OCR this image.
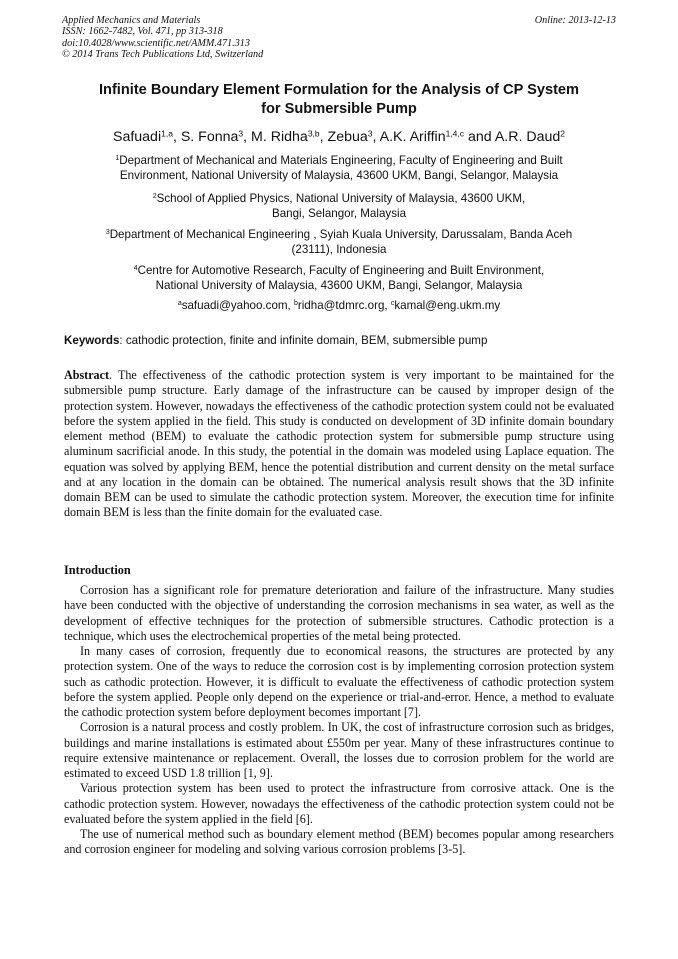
Applied Mechanics and Materials
ISSN: 1662-7482, Vol. 471, pp 313-318
doi:10.4028/www.scientific.net/AMM.471.313
© 2014 Trans Tech Publications Ltd, Switzerland
Online: 2013-12-13
Infinite Boundary Element Formulation for the Analysis of CP System
for Submersible Pump
Safuadi$^{1,a}$, S. Fonna$^3$, M. Ridha$^{3,b}$, Zebua$^3$, A.K. Ariffin$^{1,4,c}$ and A.R. Daud$^2$
$^1$Department of Mechanical and Materials Engineering, Faculty of Engineering and Built
Environment, National University of Malaysia, 43600 UKM, Bangi, Selangor, Malaysia
$^2$School of Applied Physics, National University of Malaysia, 43600 UKM,
Bangi, Selangor, Malaysia
$^3$Department of Mechanical Engineering , Syiah Kuala University, Darussalam, Banda Aceh
(23111), Indonesia
$^4$Centre for Automotive Research, Faculty of Engineering and Built Environment,
National University of Malaysia, 43600 UKM, Bangi, Selangor, Malaysia
$^a$safuadi@yahoo.com, $^b$ridha@tdmrc.org, $^c$kamal@eng.ukm.my
Keywords: cathodic protection, finite and infinite domain, BEM, submersible pump

Abstract. The effectiveness of the cathodic protection system is very important to be maintained for the submersible pump structure. Early damage of the infrastructure can be caused by improper design of the protection system. However, nowadays the effectiveness of the cathodic protection system could not be evaluated before the system applied in the field. This study is conducted on development of 3D infinite domain boundary element method (BEM) to evaluate the cathodic protection system for submersible pump structure using aluminum sacrificial anode. In this study, the potential in the domain was modeled using Laplace equation. The equation was solved by applying BEM, hence the potential distribution and current density on the metal surface and at any location in the domain can be obtained. The numerical analysis result shows that the 3D infinite domain BEM can be used to simulate the cathodic protection system. Moreover, the execution time for infinite domain BEM is less than the finite domain for the evaluated case.

Introduction

Corrosion has a significant role for premature deterioration and failure of the infrastructure. Many studies have been conducted with the objective of understanding the corrosion mechanisms in sea water, as well as the development of effective techniques for the protection of submersible structures. Cathodic protection is a technique, which uses the electrochemical properties of the metal being protected.

In many cases of corrosion, frequently due to economical reasons, the structures are protected by any protection system. One of the ways to reduce the corrosion cost is by implementing corrosion protection system such as cathodic protection. However, it is difficult to evaluate the effectiveness of cathodic protection system before the system applied. People only depend on the experience or trial-and-error. Hence, a method to evaluate the cathodic protection system before deployment becomes important [7].

Corrosion is a natural process and costly problem. In UK, the cost of infrastructure corrosion such as bridges, buildings and marine installations is estimated about £550m per year. Many of these infrastructures continue to require extensive maintenance or replacement. Overall, the losses due to corrosion problem for the world are estimated to exceed USD 1.8 trillion [1, 9].

Various protection system has been used to protect the infrastructure from corrosive attack. One is the cathodic protection system. However, nowadays the effectiveness of the cathodic protection system could not be evaluated before the system applied in the field [6].

The use of numerical method such as boundary element method (BEM) becomes popular among researchers and corrosion engineer for modeling and solving various corrosion problems [3-5].
